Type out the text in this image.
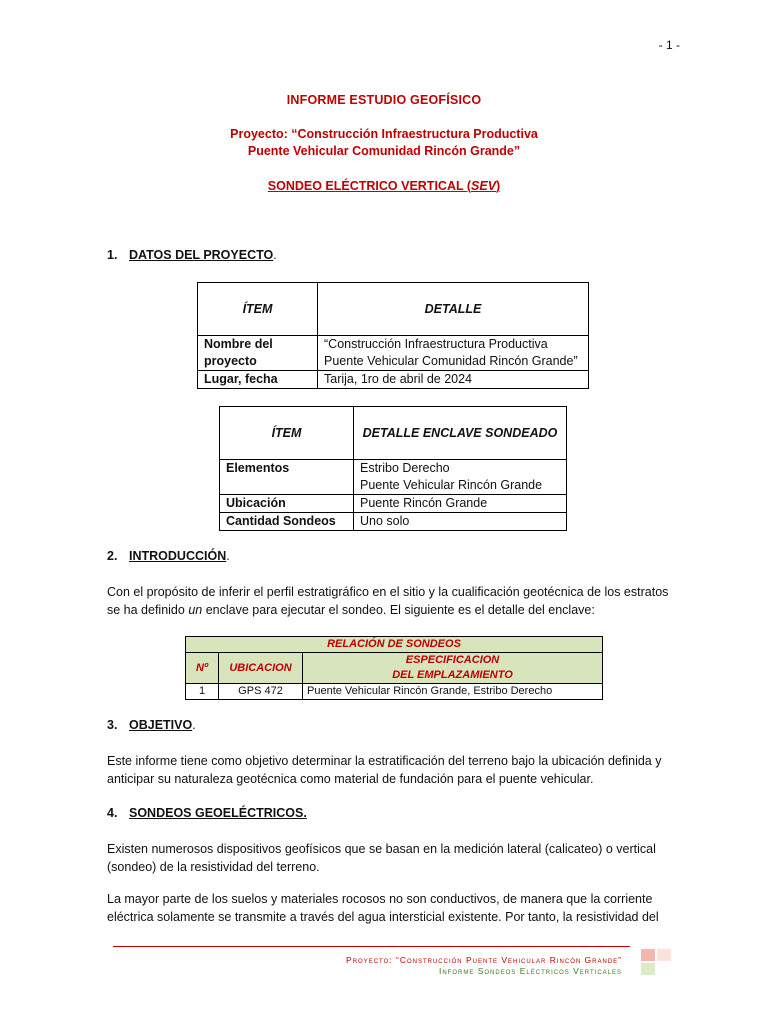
- 1 -
INFORME ESTUDIO GEOFÍSICO
Proyecto: “Construcción Infraestructura Productiva
Puente Vehicular Comunidad Rincón Grande”
SONDEO ELÉCTRICO VERTICAL (SEV)
1. DATOS DEL PROYECTO.
ÍTEM	DETALLE
Nombre del
proyecto	“Construcción Infraestructura Productiva
Puente Vehicular Comunidad Rincón Grande”
Lugar, fecha	Tarija, 1ro de abril de 2024
ÍTEM	DETALLE ENCLAVE SONDEADO
Elementos	Estribo Derecho
Puente Vehicular Rincón Grande
Ubicación	Puente Rincón Grande
Cantidad Sondeos	Uno solo
2. INTRODUCCIÓN.
Con el propósito de inferir el perfil estratigráfico en el sitio y la cualificación geotécnica de los estratos
se ha definido un enclave para ejecutar el sondeo. El siguiente es el detalle del enclave:
RELACIÓN DE SONDEOS		
Nº	UBICACION	ESPECIFICACION
DEL EMPLAZAMIENTO
1	GPS 472	Puente Vehicular Rincón Grande, Estribo Derecho
3. OBJETIVO.
Este informe tiene como objetivo determinar la estratificación del terreno bajo la ubicación definida y
anticipar su naturaleza geotécnica como material de fundación para el puente vehicular.
4. SONDEOS GEOELÉCTRICOS.
Existen numerosos dispositivos geofísicos que se basan en la medición lateral (calicateo) o vertical
(sondeo) de la resistividad del terreno.
La mayor parte de los suelos y materiales rocosos no son conductivos, de manera que la corriente
eléctrica solamente se transmite a través del agua intersticial existente. Por tanto, la resistividad del
Proyecto: “Construcción Puente Vehicular Rincón Grande”
Informe Sondeos Eléctricos Verticales
